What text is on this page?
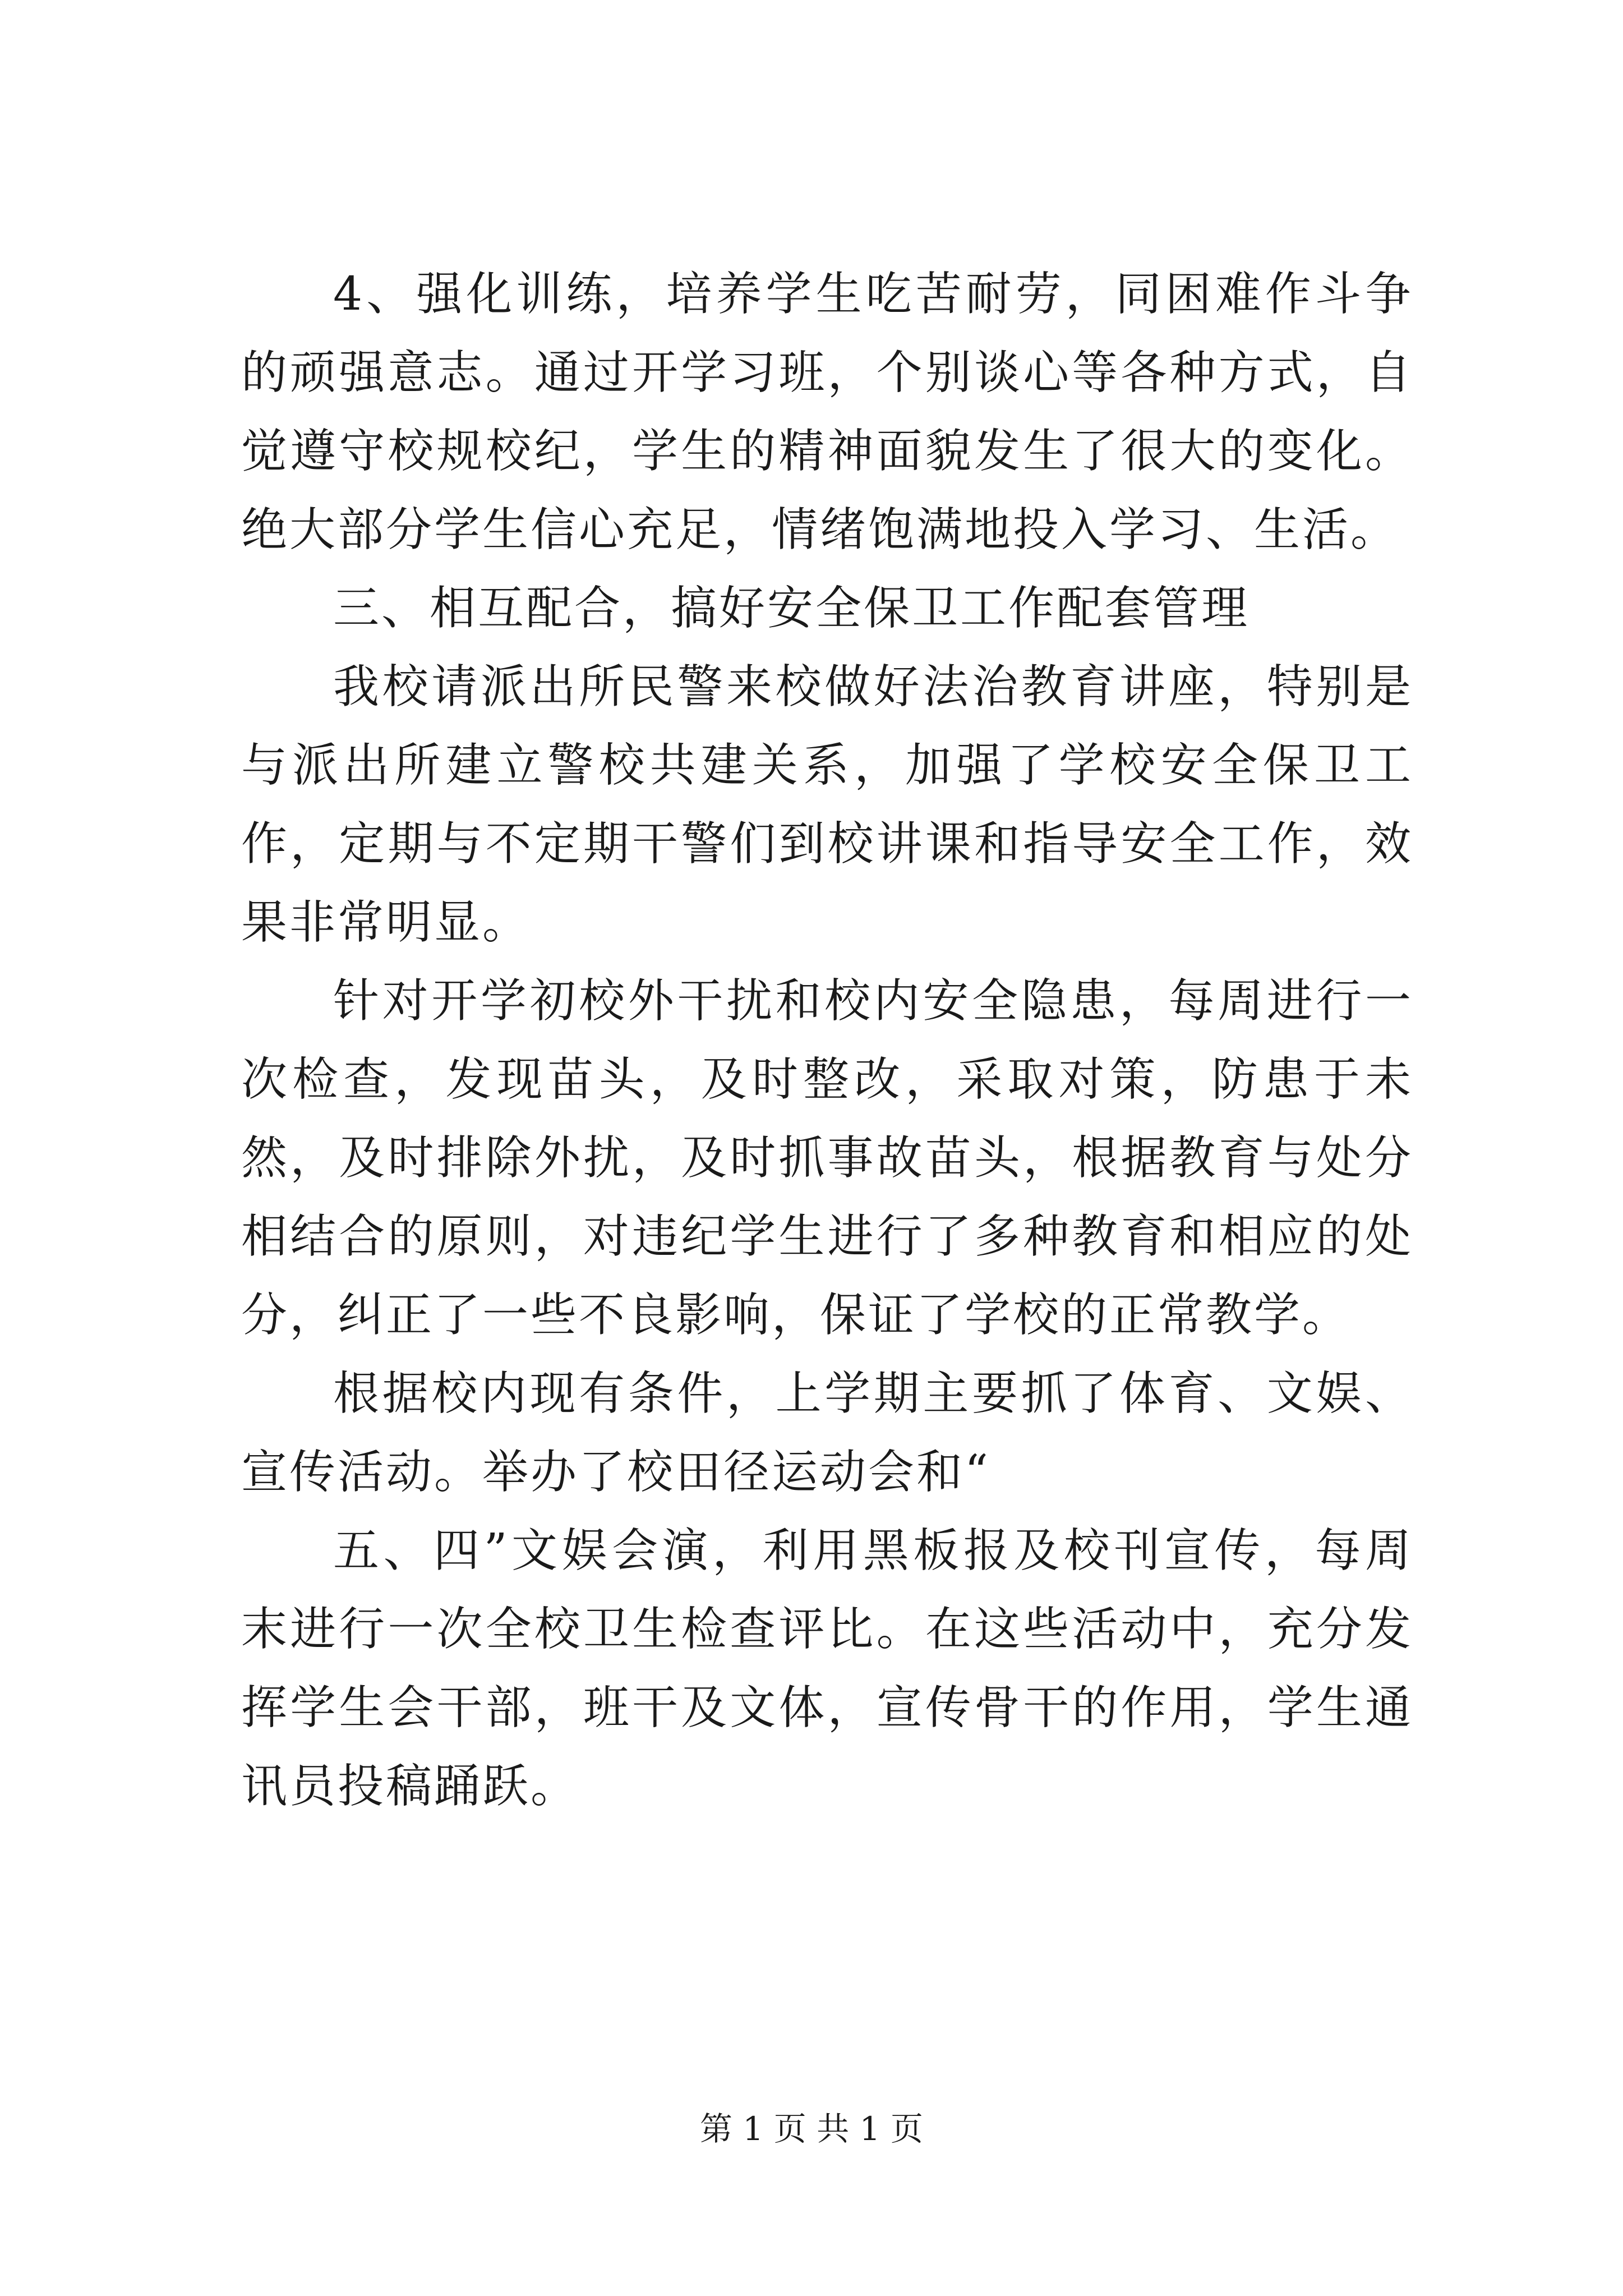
4、强化训练，培养学生吃苦耐劳，同困难作斗争的顽强意志。通过开学习班，个别谈心等各种方式，自觉遵守校规校纪，学生的精神面貌发生了很大的变化。绝大部分学生信心充足，情绪饱满地投入学习、生活。

三、相互配合，搞好安全保卫工作配套管理

我校请派出所民警来校做好法治教育讲座，特别是与派出所建立警校共建关系，加强了学校安全保卫工作，定期与不定期干警们到校讲课和指导安全工作，效果非常明显。

针对开学初校外干扰和校内安全隐患，每周进行一次检查，发现苗头，及时整改，采取对策，防患于未然，及时排除外扰，及时抓事故苗头，根据教育与处分相结合的原则，对违纪学生进行了多种教育和相应的处分，纠正了一些不良影响，保证了学校的正常教学。

根据校内现有条件，上学期主要抓了体育、文娱、宣传活动。举办了校田径运动会和“

五、四”文娱会演，利用黑板报及校刊宣传，每周末进行一次全校卫生检查评比。在这些活动中，充分发挥学生会干部，班干及文体，宣传骨干的作用，学生通讯员投稿踊跃。

第 1 页 共 1 页
